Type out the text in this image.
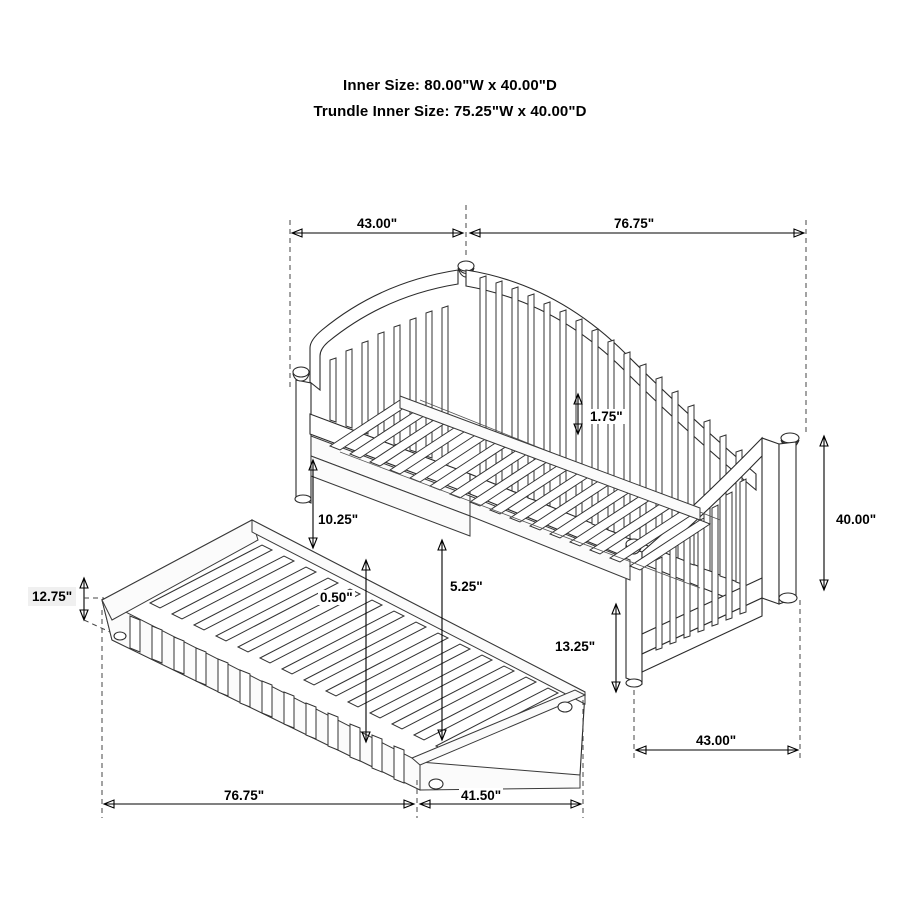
Inner Size: 80.00"W x 40.00"D
Trundle Inner Size: 75.25"W x 40.00"D
43.00"	76.75"
1.75"
10.25"
0.50"
5.25"
12.75"
13.25"
40.00"
43.00"
76.75"	41.50"
